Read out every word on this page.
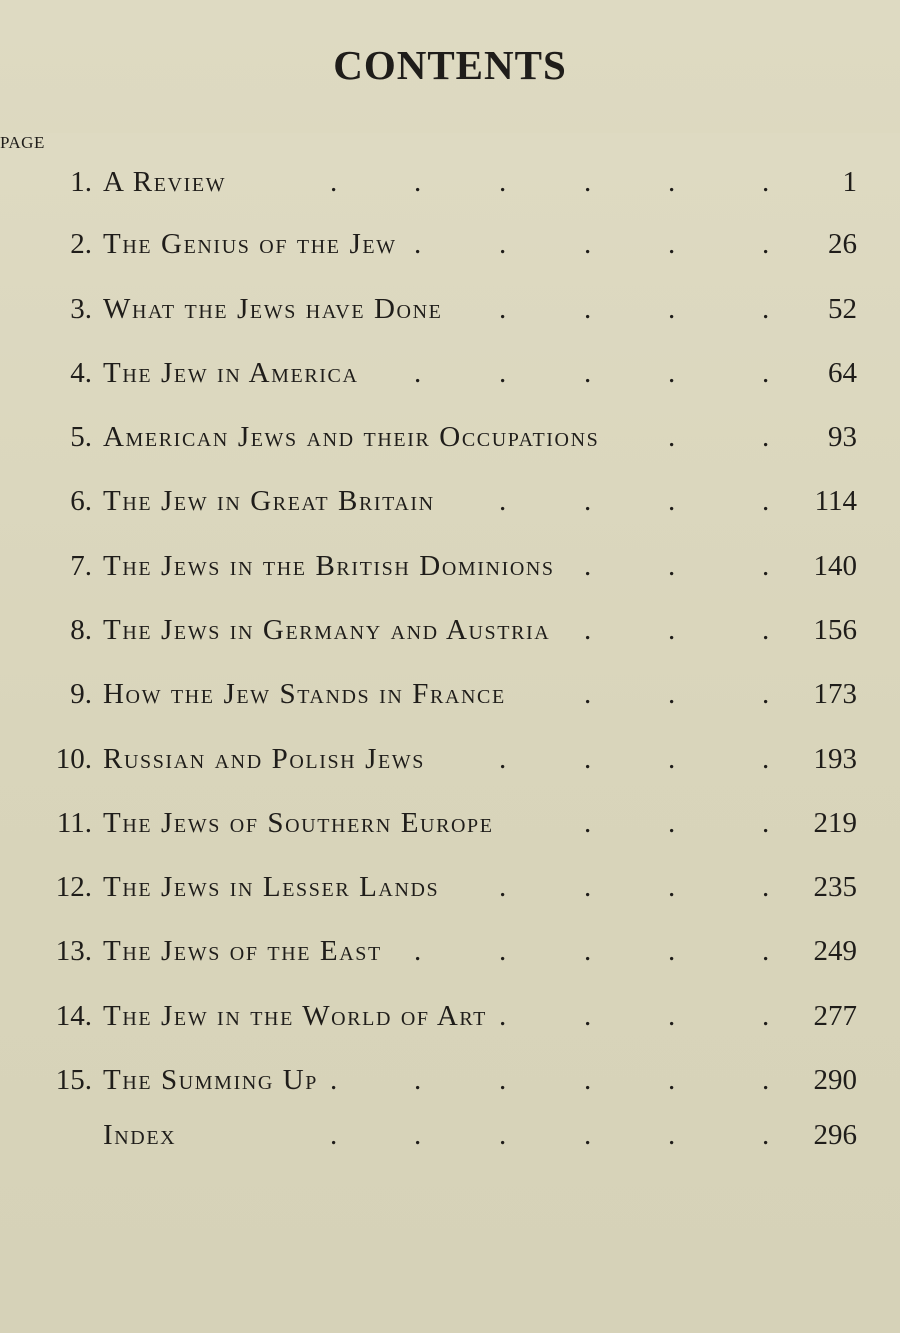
CONTENTS
PAGE
1. A Review	.	.	.	.	.	.	1
2. The Genius of the Jew .	.	.	.	. 26
3. What the Jews have Done .	.	.	. 52
4. The Jew in America .	.	.	.	. 64
5. American Jews and their Occupations .	. 93
6. The Jew in Great Britain .	.	.	. 114
7. The Jews in the British Dominions .	.	. 140
8. The Jews in Germany and Austria .	.	. 156
9. How the Jew Stands in France	.	.	. 173
10. Russian and Polish Jews	.	.	.	. 193
11. The Jews of Southern Europe	.	.	. 219
12. The Jews in Lesser Lands .	.	.	. 235
13. The Jews of the East .	.	.	.	. 249
14. The Jew in the World of Art .	.	.	. 277
15. The Summing Up .	.	.	.	.	. 290
Index	.	.	.	.	.	. 296
